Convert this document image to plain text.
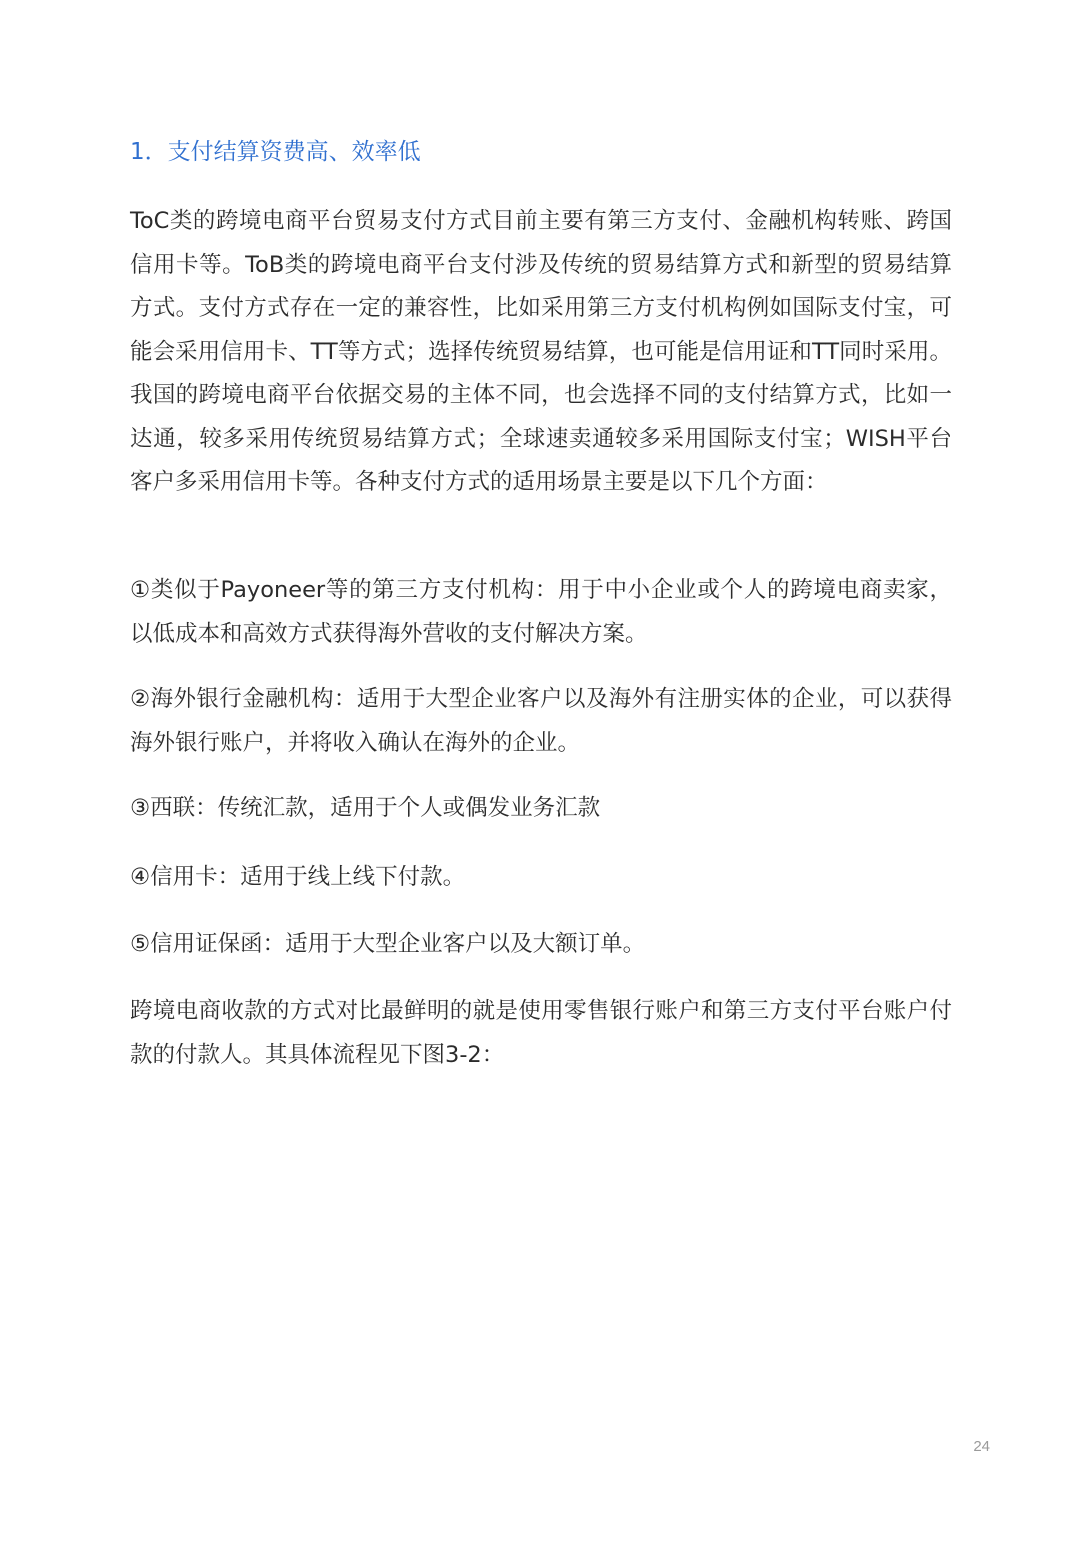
1．支付结算资费高、效率低

ToC类的跨境电商平台贸易支付方式目前主要有第三方支付、金融机构转账、跨国信用卡等。ToB类的跨境电商平台支付涉及传统的贸易结算方式和新型的贸易结算方式。支付方式存在一定的兼容性，比如采用第三方支付机构例如国际支付宝，可能会采用信用卡、TT等方式；选择传统贸易结算，也可能是信用证和TT同时采用。我国的跨境电商平台依据交易的主体不同，也会选择不同的支付结算方式，比如一达通，较多采用传统贸易结算方式；全球速卖通较多采用国际支付宝；WISH平台客户多采用信用卡等。各种支付方式的适用场景主要是以下几个方面：

①类似于Payoneer等的第三方支付机构：用于中小企业或个人的跨境电商卖家，以低成本和高效方式获得海外营收的支付解决方案。

②海外银行金融机构：适用于大型企业客户以及海外有注册实体的企业，可以获得海外银行账户，并将收入确认在海外的企业。

③西联：传统汇款，适用于个人或偶发业务汇款

④信用卡：适用于线上线下付款。

⑤信用证保函：适用于大型企业客户以及大额订单。

跨境电商收款的方式对比最鲜明的就是使用零售银行账户和第三方支付平台账户付款的付款人。其具体流程见下图3-2：

24
